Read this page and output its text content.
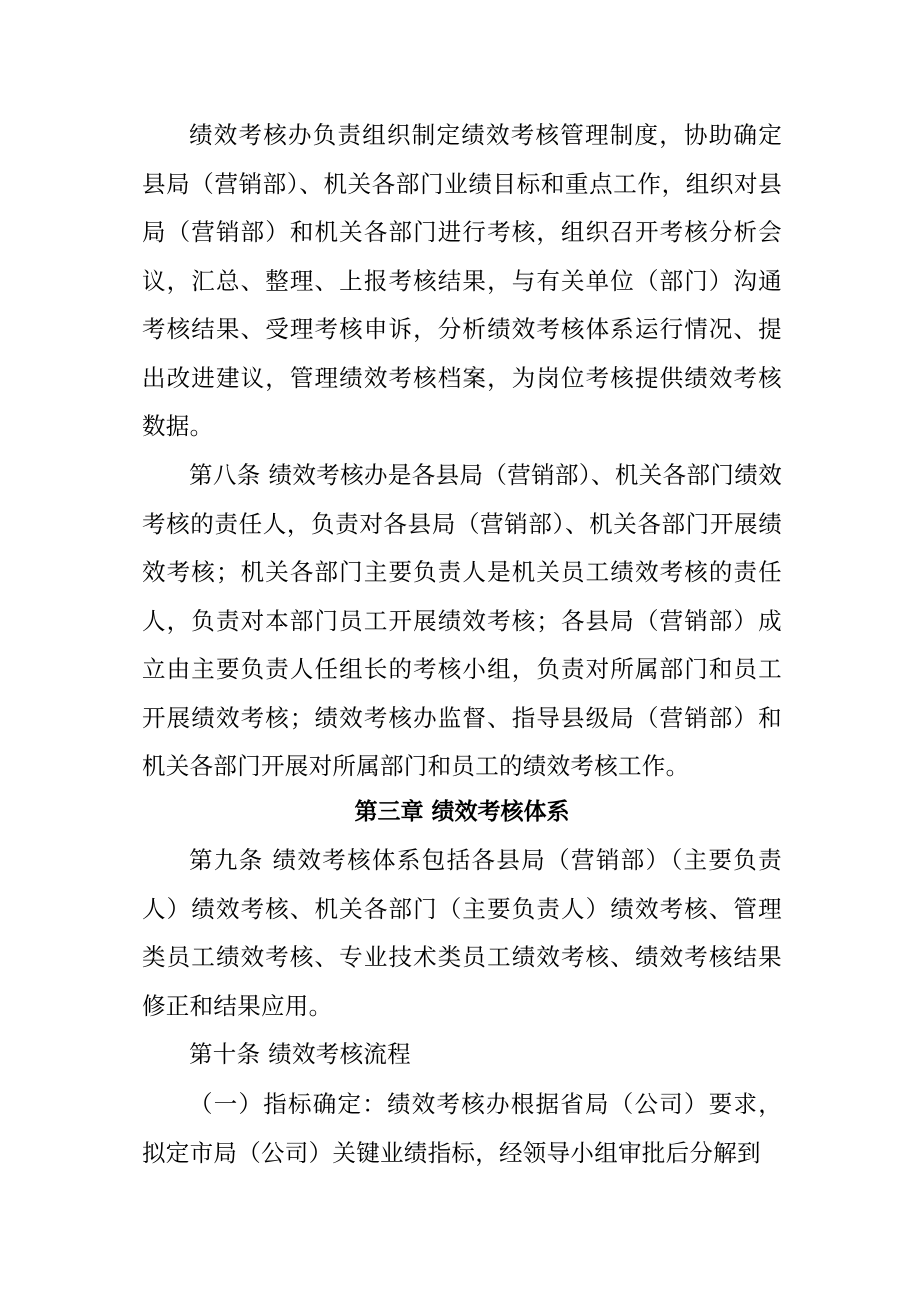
绩效考核办负责组织制定绩效考核管理制度，协助确定县局（营销部）、机关各部门业绩目标和重点工作，组织对县局（营销部）和机关各部门进行考核，组织召开考核分析会议，汇总、整理、上报考核结果，与有关单位（部门）沟通考核结果、受理考核申诉，分析绩效考核体系运行情况、提出改进建议，管理绩效考核档案，为岗位考核提供绩效考核数据。

第八条 绩效考核办是各县局（营销部）、机关各部门绩效考核的责任人，负责对各县局（营销部）、机关各部门开展绩效考核；机关各部门主要负责人是机关员工绩效考核的责任人，负责对本部门员工开展绩效考核；各县局（营销部）成立由主要负责人任组长的考核小组，负责对所属部门和员工开展绩效考核；绩效考核办监督、指导县级局（营销部）和机关各部门开展对所属部门和员工的绩效考核工作。

第三章 绩效考核体系

第九条 绩效考核体系包括各县局（营销部）（主要负责人）绩效考核、机关各部门（主要负责人）绩效考核、管理类员工绩效考核、专业技术类员工绩效考核、绩效考核结果修正和结果应用。

第十条 绩效考核流程

（一）指标确定：绩效考核办根据省局（公司）要求，拟定市局（公司）关键业绩指标，经领导小组审批后分解到
